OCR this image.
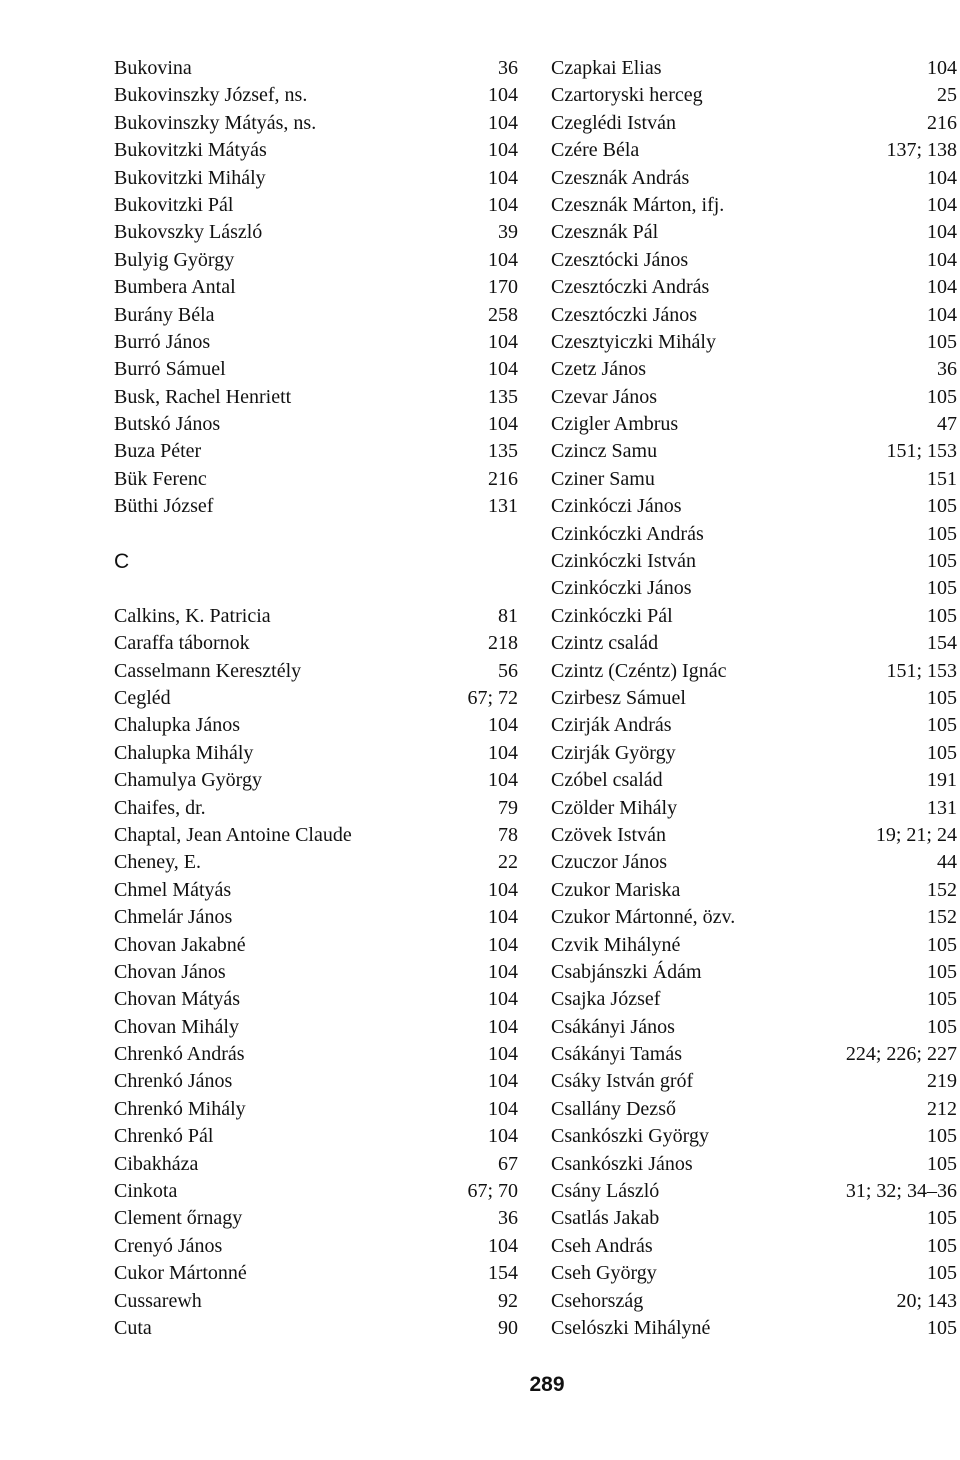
Bukovina	36
Bukovinszky József, ns.	104
Bukovinszky Mátyás, ns.	104
Bukovitzki Mátyás	104
Bukovitzki Mihály	104
Bukovitzki Pál	104
Bukovszky László	39
Bulyig György	104
Bumbera Antal	170
Burány Béla	258
Burró János	104
Burró Sámuel	104
Busk, Rachel Henriett	135
Butskó János	104
Buza Péter	135
Bük Ferenc	216
Büthi József	131
C
Calkins, K. Patricia	81
Caraffa tábornok	218
Casselmann Keresztély	56
Cegléd	67; 72
Chalupka János	104
Chalupka Mihály	104
Chamulya György	104
Chaifes, dr.	79
Chaptal, Jean Antoine Claude	78
Cheney, E.	22
Chmel Mátyás	104
Chmelár János	104
Chovan Jakabné	104
Chovan János	104
Chovan Mátyás	104
Chovan Mihály	104
Chrenkó András	104
Chrenkó János	104
Chrenkó Mihály	104
Chrenkó Pál	104
Cibakháza	67
Cinkota	67; 70
Clement őrnagy	36
Crenyó János	104
Cukor Mártonné	154
Cussarewh	92
Cuta	90
Czapkai Elias	104
Czartoryski herceg	25
Czeglédi István	216
Czére Béla	137; 138
Czesznák András	104
Czesznák Márton, ifj.	104
Czesznák Pál	104
Czesztócki János	104
Czesztóczki András	104
Czesztóczki János	104
Czesztyiczki Mihály	105
Czetz János	36
Czevar János	105
Czigler Ambrus	47
Czincz Samu	151; 153
Cziner Samu	151
Czinkóczi János	105
Czinkóczki András	105
Czinkóczki István	105
Czinkóczki János	105
Czinkóczki Pál	105
Czintz család	154
Czintz (Czéntz) Ignác	151; 153
Czirbesz Sámuel	105
Czirják András	105
Czirják György	105
Czóbel család	191
Czölder Mihály	131
Czövek István	19; 21; 24
Czuczor János	44
Czukor Mariska	152
Czukor Mártonné, özv.	152
Czvik Mihályné	105
Csabjánszki Ádám	105
Csajka József	105
Csákányi János	105
Csákányi Tamás	224; 226; 227
Csáky István gróf	219
Csallány Dezső	212
Csankószki György	105
Csankószki János	105
Csány László	31; 32; 34–36
Csatlás Jakab	105
Cseh András	105
Cseh György	105
Csehország	20; 143
Cselószki Mihályné	105
289
